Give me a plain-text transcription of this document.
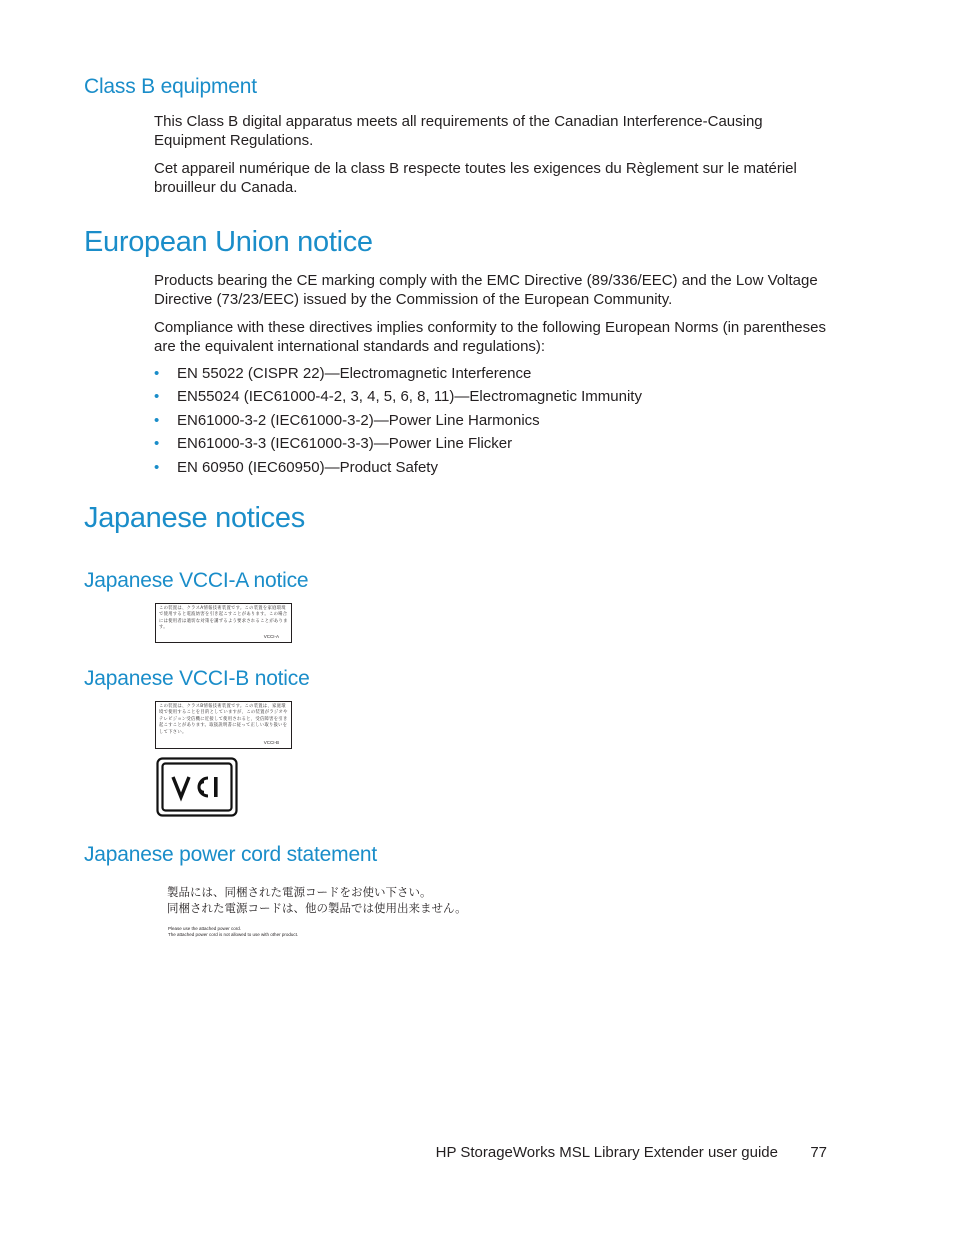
Class B equipment

This Class B digital apparatus meets all requirements of the Canadian Interference-Causing Equipment Regulations.

Cet appareil numérique de la class B respecte toutes les exigences du Règlement sur le matériel brouilleur du Canada.

European Union notice

Products bearing the CE marking comply with the EMC Directive (89/336/EEC) and the Low Voltage Directive (73/23/EEC) issued by the Commission of the European Community.

Compliance with these directives implies conformity to the following European Norms (in parentheses are the equivalent international standards and regulations):

• EN 55022 (CISPR 22)—Electromagnetic Interference
• EN55024 (IEC61000-4-2, 3, 4, 5, 6, 8, 11)—Electromagnetic Immunity
• EN61000-3-2 (IEC61000-3-2)—Power Line Harmonics
• EN61000-3-3 (IEC61000-3-3)—Power Line Flicker
• EN 60950 (IEC60950)—Product Safety
Japanese notices
Japanese VCCI-A notice
この装置は、クラスA情報技術装置です。この装置を家庭環境で使用すると電波妨害を引き起こすことがあります。この場合には使用者は適切な対策を講ずるよう要求されることがあります。
VCCI-A
Japanese VCCI-B notice
この装置は、クラスB情報技術装置です。この装置は、家庭環境で使用することを目的としていますが、この装置がラジオやテレビジョン受信機に近接して使用されると、受信障害を引き起こすことがあります。取扱説明書に従って正しい取り扱いをして下さい。
VCCI-B
Japanese power cord statement
製品には、同梱された電源コードをお使い下さい。
同梱された電源コードは、他の製品では使用出来ません。
Please use the attached power cord.
The attached power cord is not allowed to use with other product.
HP StorageWorks MSL Library Extender user guide 77
